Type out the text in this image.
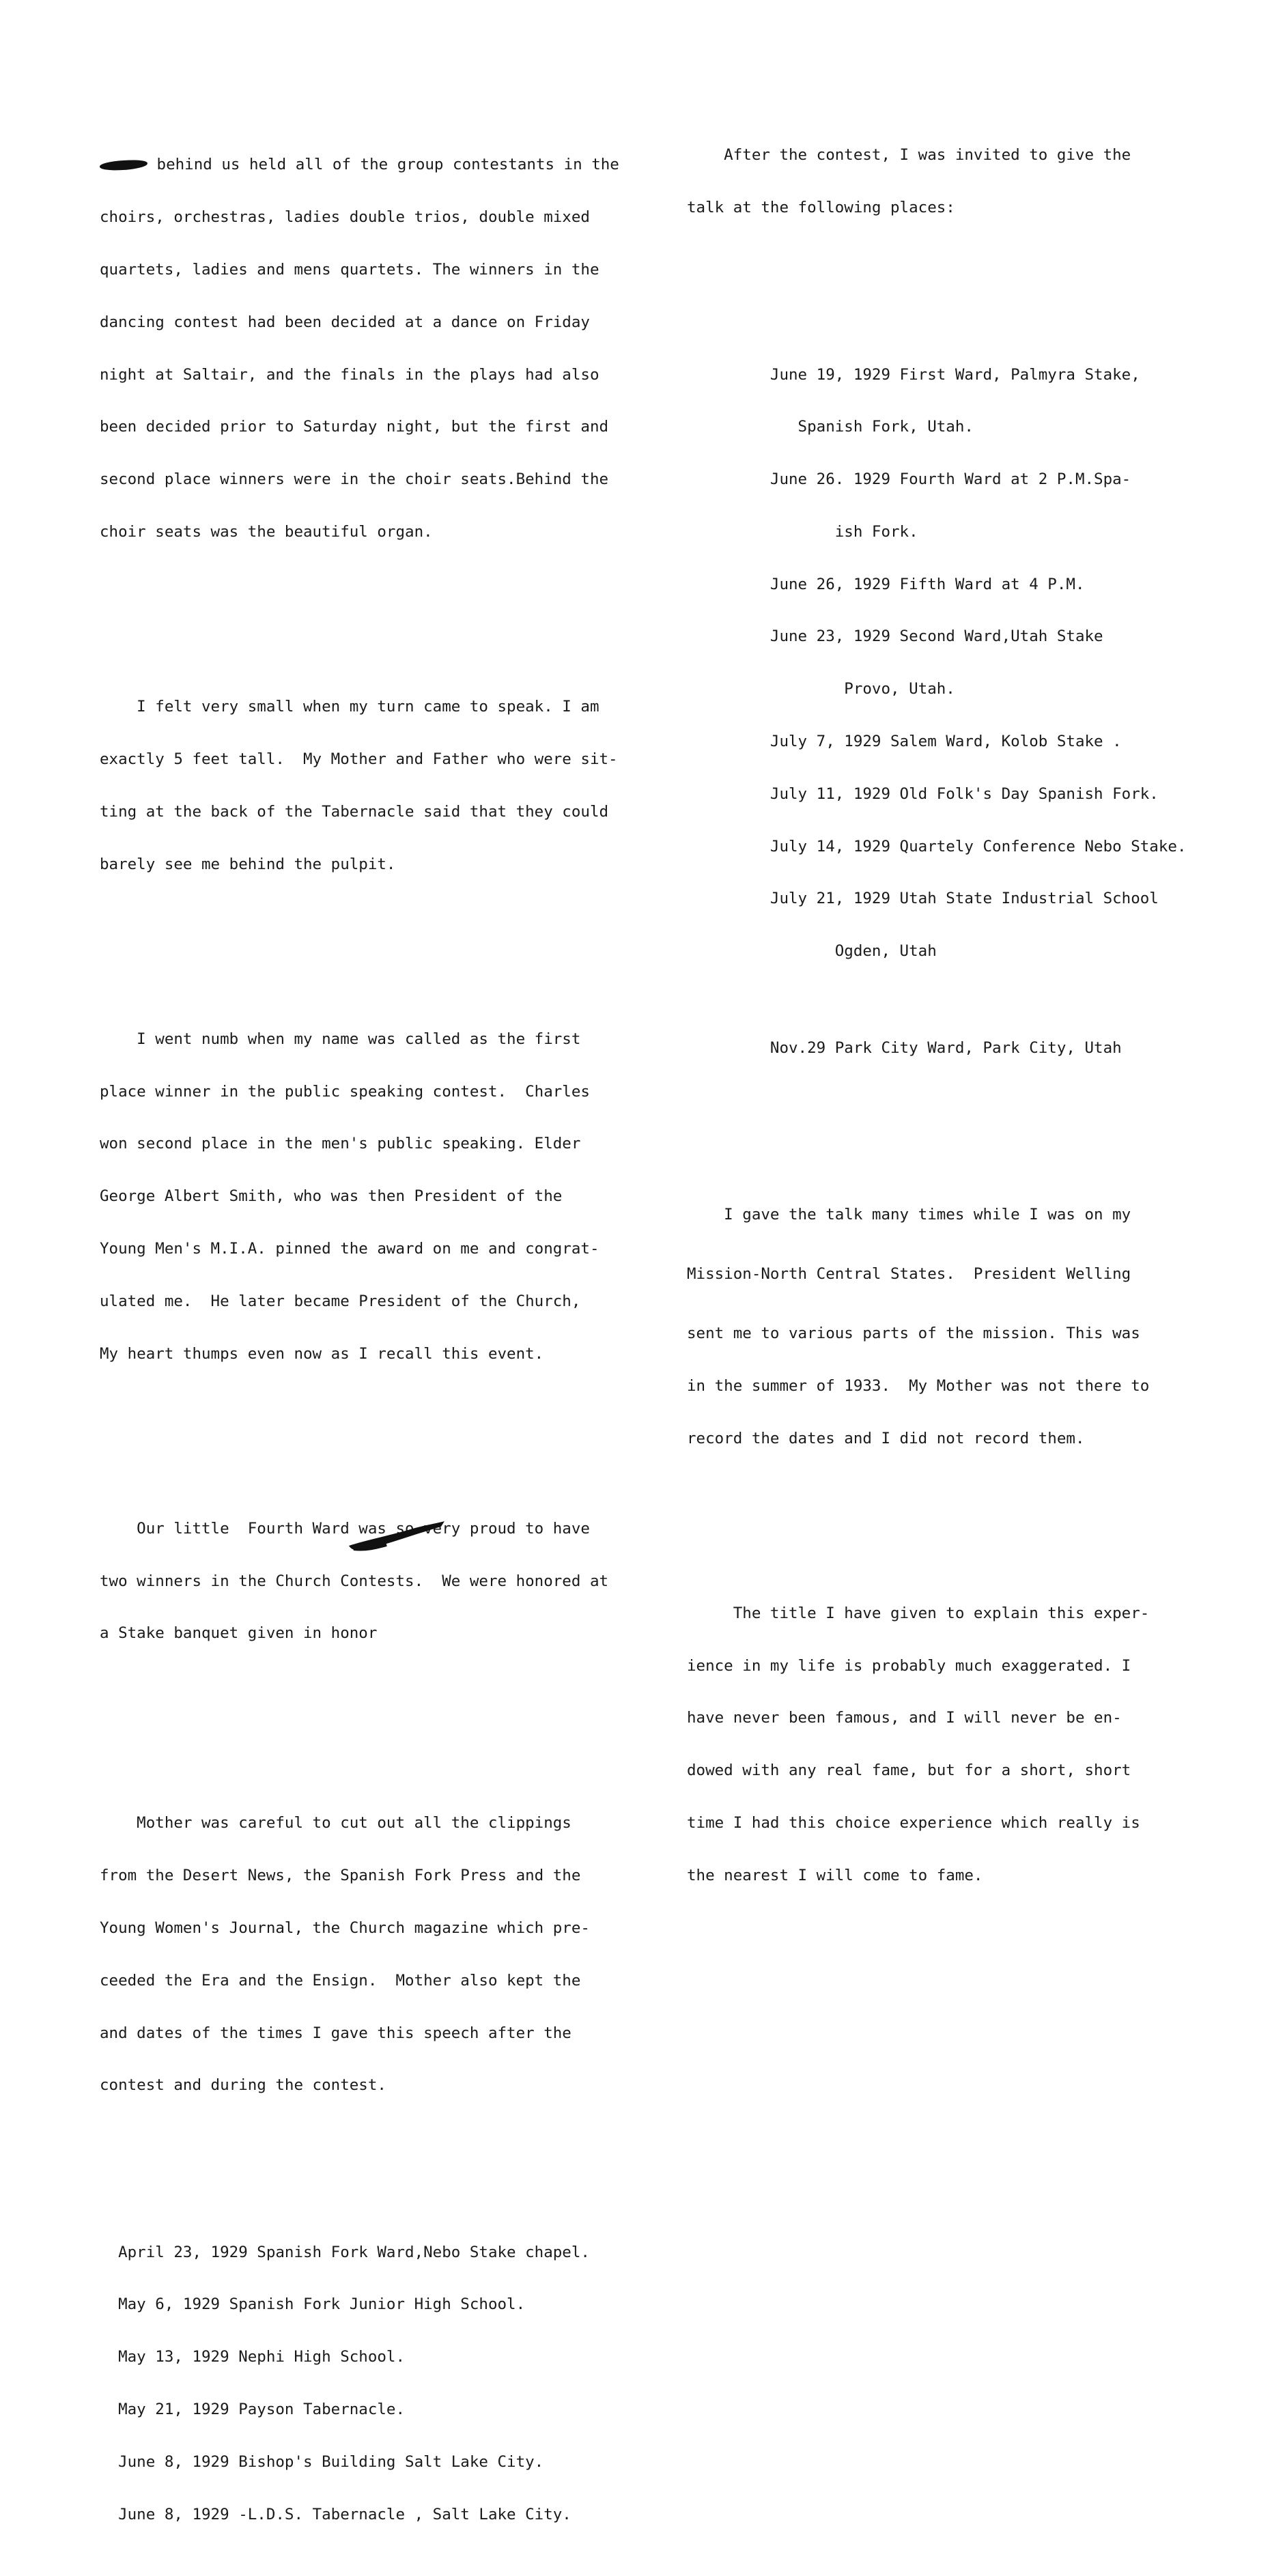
behind us held all of the group contestants in the

choirs, orchestras, ladies double trios, double mixed

quartets, ladies and mens quartets. The winners in the

dancing contest had been decided at a dance on Friday

night at Saltair, and the finals in the plays had also

been decided prior to Saturday night, but the first and

second place winners were in the choir seats.Behind the

choir seats was the beautiful organ.

I felt very small when my turn came to speak. I am

exactly 5 feet tall.  My Mother and Father who were sit-

ting at the back of the Tabernacle said that they could

barely see me behind the pulpit.

I went numb when my name was called as the first

place winner in the public speaking contest.  Charles

won second place in the men's public speaking. Elder

George Albert Smith, who was then President of the

Young Men's M.I.A. pinned the award on me and congrat-

ulated me.  He later became President of the Church,

My heart thumps even now as I recall this event.

Our little  Fourth Ward was so very proud to have

two winners in the Church Contests.  We were honored at

a Stake banquet given in honor

Mother was careful to cut out all the clippings

from the Desert News, the Spanish Fork Press and the

Young Women's Journal, the Church magazine which pre-

ceeded the Era and the Ensign.  Mother also kept the

and dates of the times I gave this speech after the

contest and during the contest.

April 23, 1929 Spanish Fork Ward,Nebo Stake chapel.

May 6, 1929 Spanish Fork Junior High School.

May 13, 1929 Nephi High School.

May 21, 1929 Payson Tabernacle.

June 8, 1929 Bishop's Building Salt Lake City.

June 8, 1929 -L.D.S. Tabernacle , Salt Lake City.

After the contest, I was invited to give the

talk at the following places:

June 19, 1929 First Ward, Palmyra Stake,

Spanish Fork, Utah.

June 26. 1929 Fourth Ward at 2 P.M.Spa-

ish Fork.

June 26, 1929 Fifth Ward at 4 P.M.

June 23, 1929 Second Ward,Utah Stake

Provo, Utah.

July 7, 1929 Salem Ward, Kolob Stake .

July 11, 1929 Old Folk's Day Spanish Fork.

July 14, 1929 Quartely Conference Nebo Stake.

July 21, 1929 Utah State Industrial School

Ogden, Utah

Nov.29 Park City Ward, Park City, Utah

I gave the talk many times while I was on my

Mission-North Central States.  President Welling

sent me to various parts of the mission. This was

in the summer of 1933.  My Mother was not there to

record the dates and I did not record them.

The title I have given to explain this exper-

ience in my life is probably much exaggerated. I

have never been famous, and I will never be en-

dowed with any real fame, but for a short, short

time I had this choice experience which really is

the nearest I will come to fame.
